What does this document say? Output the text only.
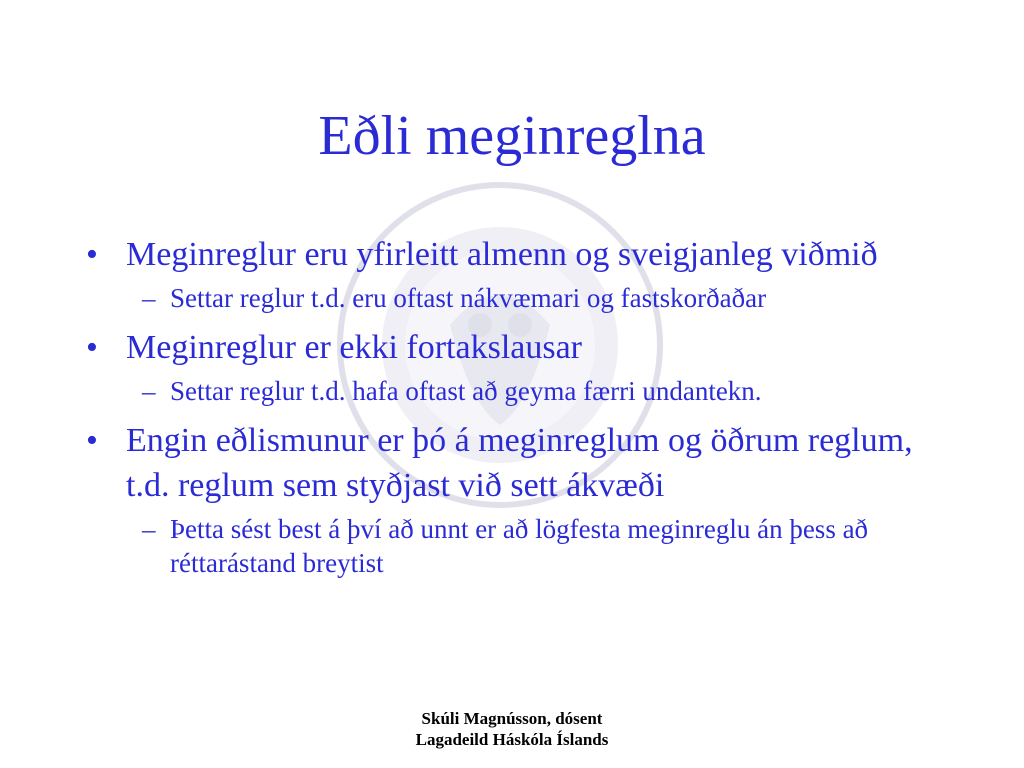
Eðli meginreglna
• Meginreglur eru yfirleitt almenn og sveigjanleg viðmið
– Settar reglur t.d. eru oftast nákvæmari og fastskorðaðar
• Meginreglur er ekki fortakslausar
– Settar reglur t.d. hafa oftast að geyma færri undantekn.
• Engin eðlismunur er þó á meginreglum og öðrum reglum, t.d. reglum sem styðjast við sett ákvæði
– Þetta sést best á því að unnt er að lögfesta meginreglu án þess að réttarástand breytist
Skúli Magnússon, dósent
Lagadeild Háskóla Íslands
